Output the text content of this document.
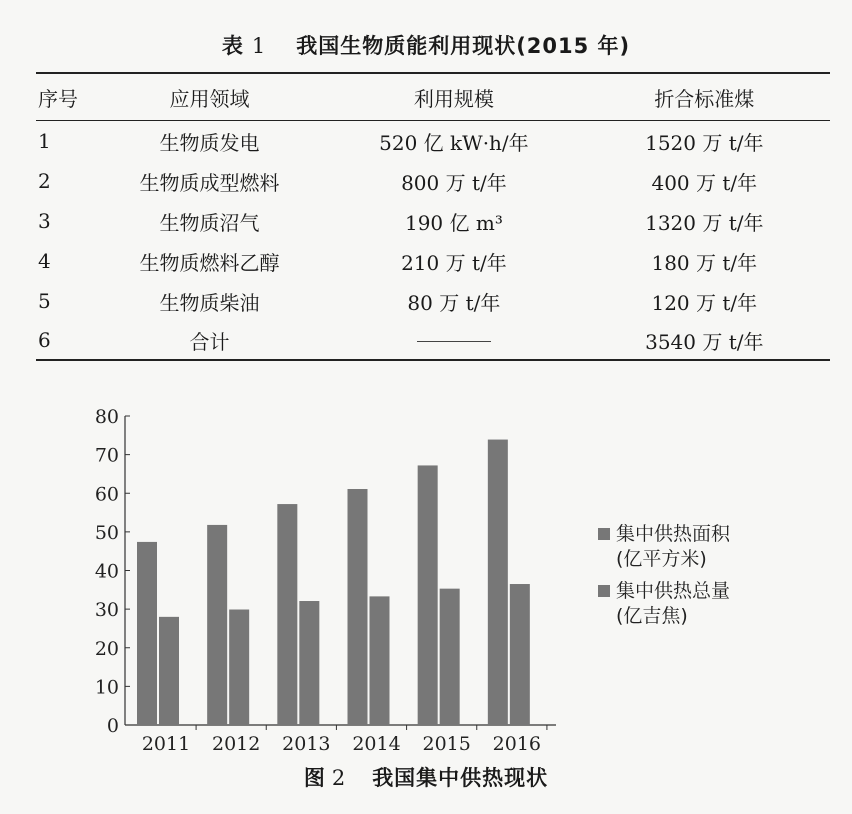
表 1 我国生物质能利用现状(2015 年)
序号	应用领域	利用规模	折合标准煤
1	生物质发电	520 亿 kW·h/年	1520 万 t/年
2	生物质成型燃料	800 万 t/年	400 万 t/年
3	生物质沼气	190 亿 m³	1320 万 t/年
4	生物质燃料乙醇	210 万 t/年	180 万 t/年
5	生物质柴油	80 万 t/年	120 万 t/年
6	合计		3540 万 t/年
0
10
20
30
40
50
60
70
80
2011 2012 2013 2014 2015 2016
集中供热面积
(亿平方米)
集中供热总量
(亿吉焦)
图 2 我国集中供热现状
